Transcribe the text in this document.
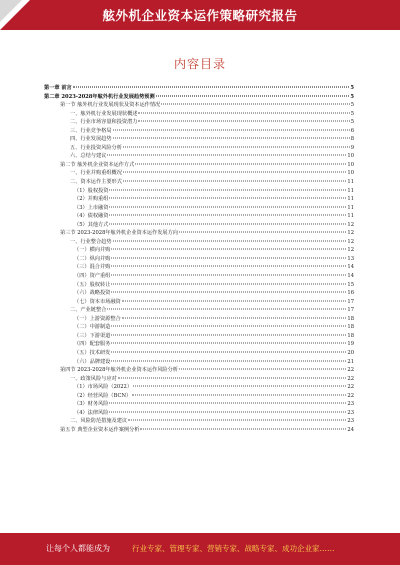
舷外机企业资本运作策略研究报告
内容目录
第一章 前言	5
第二章 2023-2028年舷外机行业发展趋势预测	5
第一节 舷外机行业发展现状及资本运作情况	5
一、舷外机行业发展现状概述	5
二、行业市场容量和投资潜力	5
三、行业竞争格局	6
四、行业发展趋势	8
五、行业投资风险分析	9
六、总结与建议	10
第二节 舷外机企业资本运作方式	10
一、行业并购重组概况	10
二、资本运作主要形式	11
（1）股权投资	11
（2）并购重组	11
（3）上市融资	11
（4）债权融资	11
（5）其他方式	12
第三节 2023-2028年舷外机企业资本运作发展方向	12
一、行业整合趋势	12
（一）横向并购	12
（二）纵向并购	13
（三）混合并购	14
（四）资产重组	14
（五）股权转让	15
（六）战略投资	16
（七）资本市场融资	17
二、产业链整合	17
（一）上游资源整合	18
（二）中游制造	18
（三）下游渠道	18
（四）配套服务	19
（五）技术研发	20
（六）品牌建设	21
第四节 2023-2028年舷外机企业资本运作风险分析	22
一、政策风险与应对	22
（1）市场风险（2022）	22
（2）经营风险（BCN）	22
（3）财务风险	23
（4）法律风险	23
二、风险防范措施及建议	23
第五节 典型企业资本运作案例分析	24
让每个人都能成为	行业专家、管理专家、营销专家、战略专家、成功企业家……
